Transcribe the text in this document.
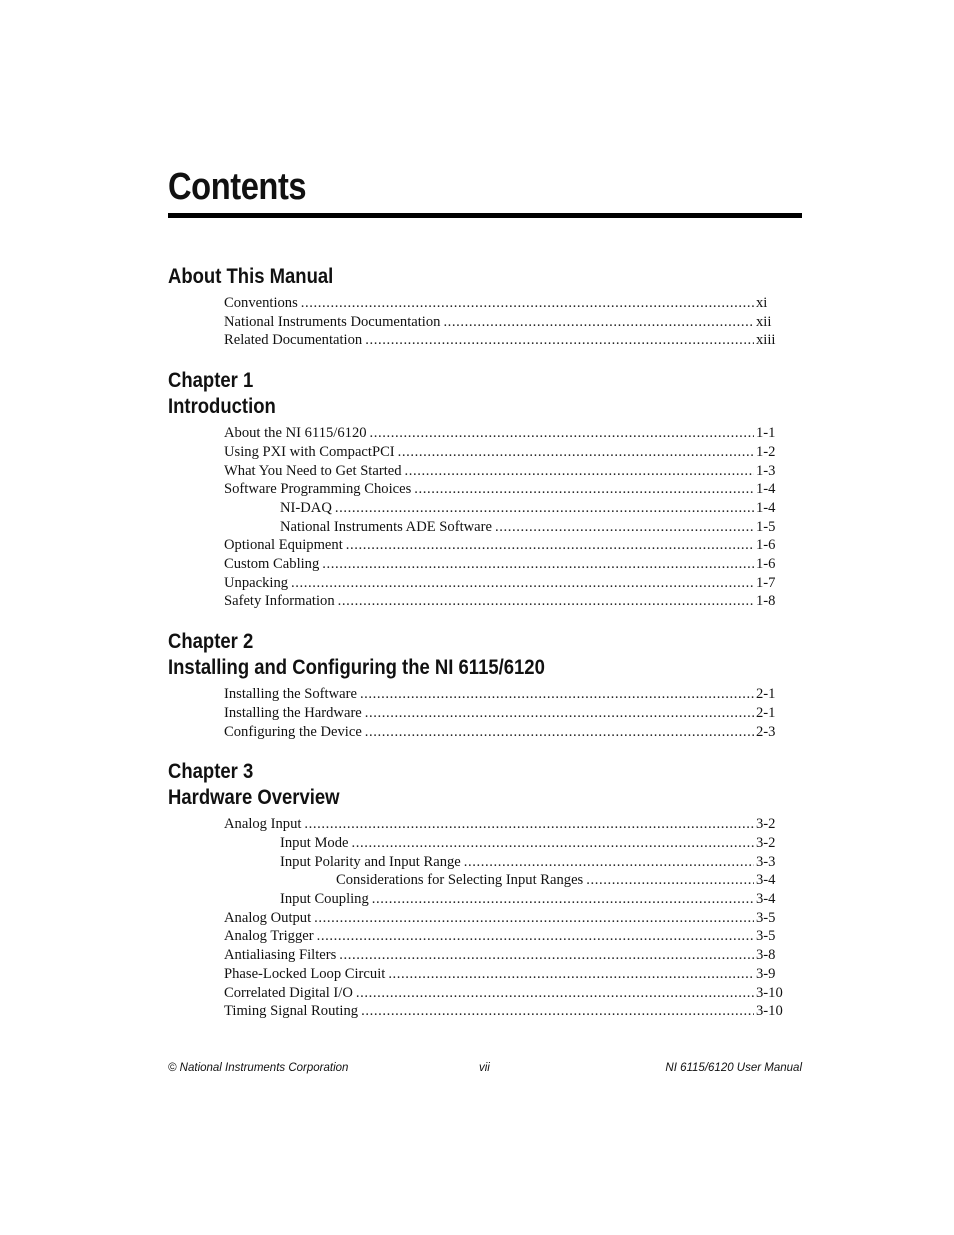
Contents
About This Manual
Conventions .....	xi
National Instruments Documentation .....	xii
Related Documentation .....	xiii
Chapter 1
Introduction
About the NI 6115/6120 .....	1-1
Using PXI with CompactPCI .....	1-2
What You Need to Get Started .....	1-3
Software Programming Choices .....	1-4
NI-DAQ .....	1-4
National Instruments ADE Software .....	1-5
Optional Equipment .....	1-6
Custom Cabling .....	1-6
Unpacking .....	1-7
Safety Information .....	1-8
Chapter 2
Installing and Configuring the NI 6115/6120
Installing the Software .....	2-1
Installing the Hardware .....	2-1
Configuring the Device .....	2-3
Chapter 3
Hardware Overview
Analog Input .....	3-2
Input Mode .....	3-2
Input Polarity and Input Range .....	3-3
Considerations for Selecting Input Ranges .....	3-4
Input Coupling .....	3-4
Analog Output .....	3-5
Analog Trigger .....	3-5
Antialiasing Filters .....	3-8
Phase-Locked Loop Circuit .....	3-9
Correlated Digital I/O .....	3-10
Timing Signal Routing .....	3-10
© National Instruments Corporation	vii	NI 6115/6120 User Manual
